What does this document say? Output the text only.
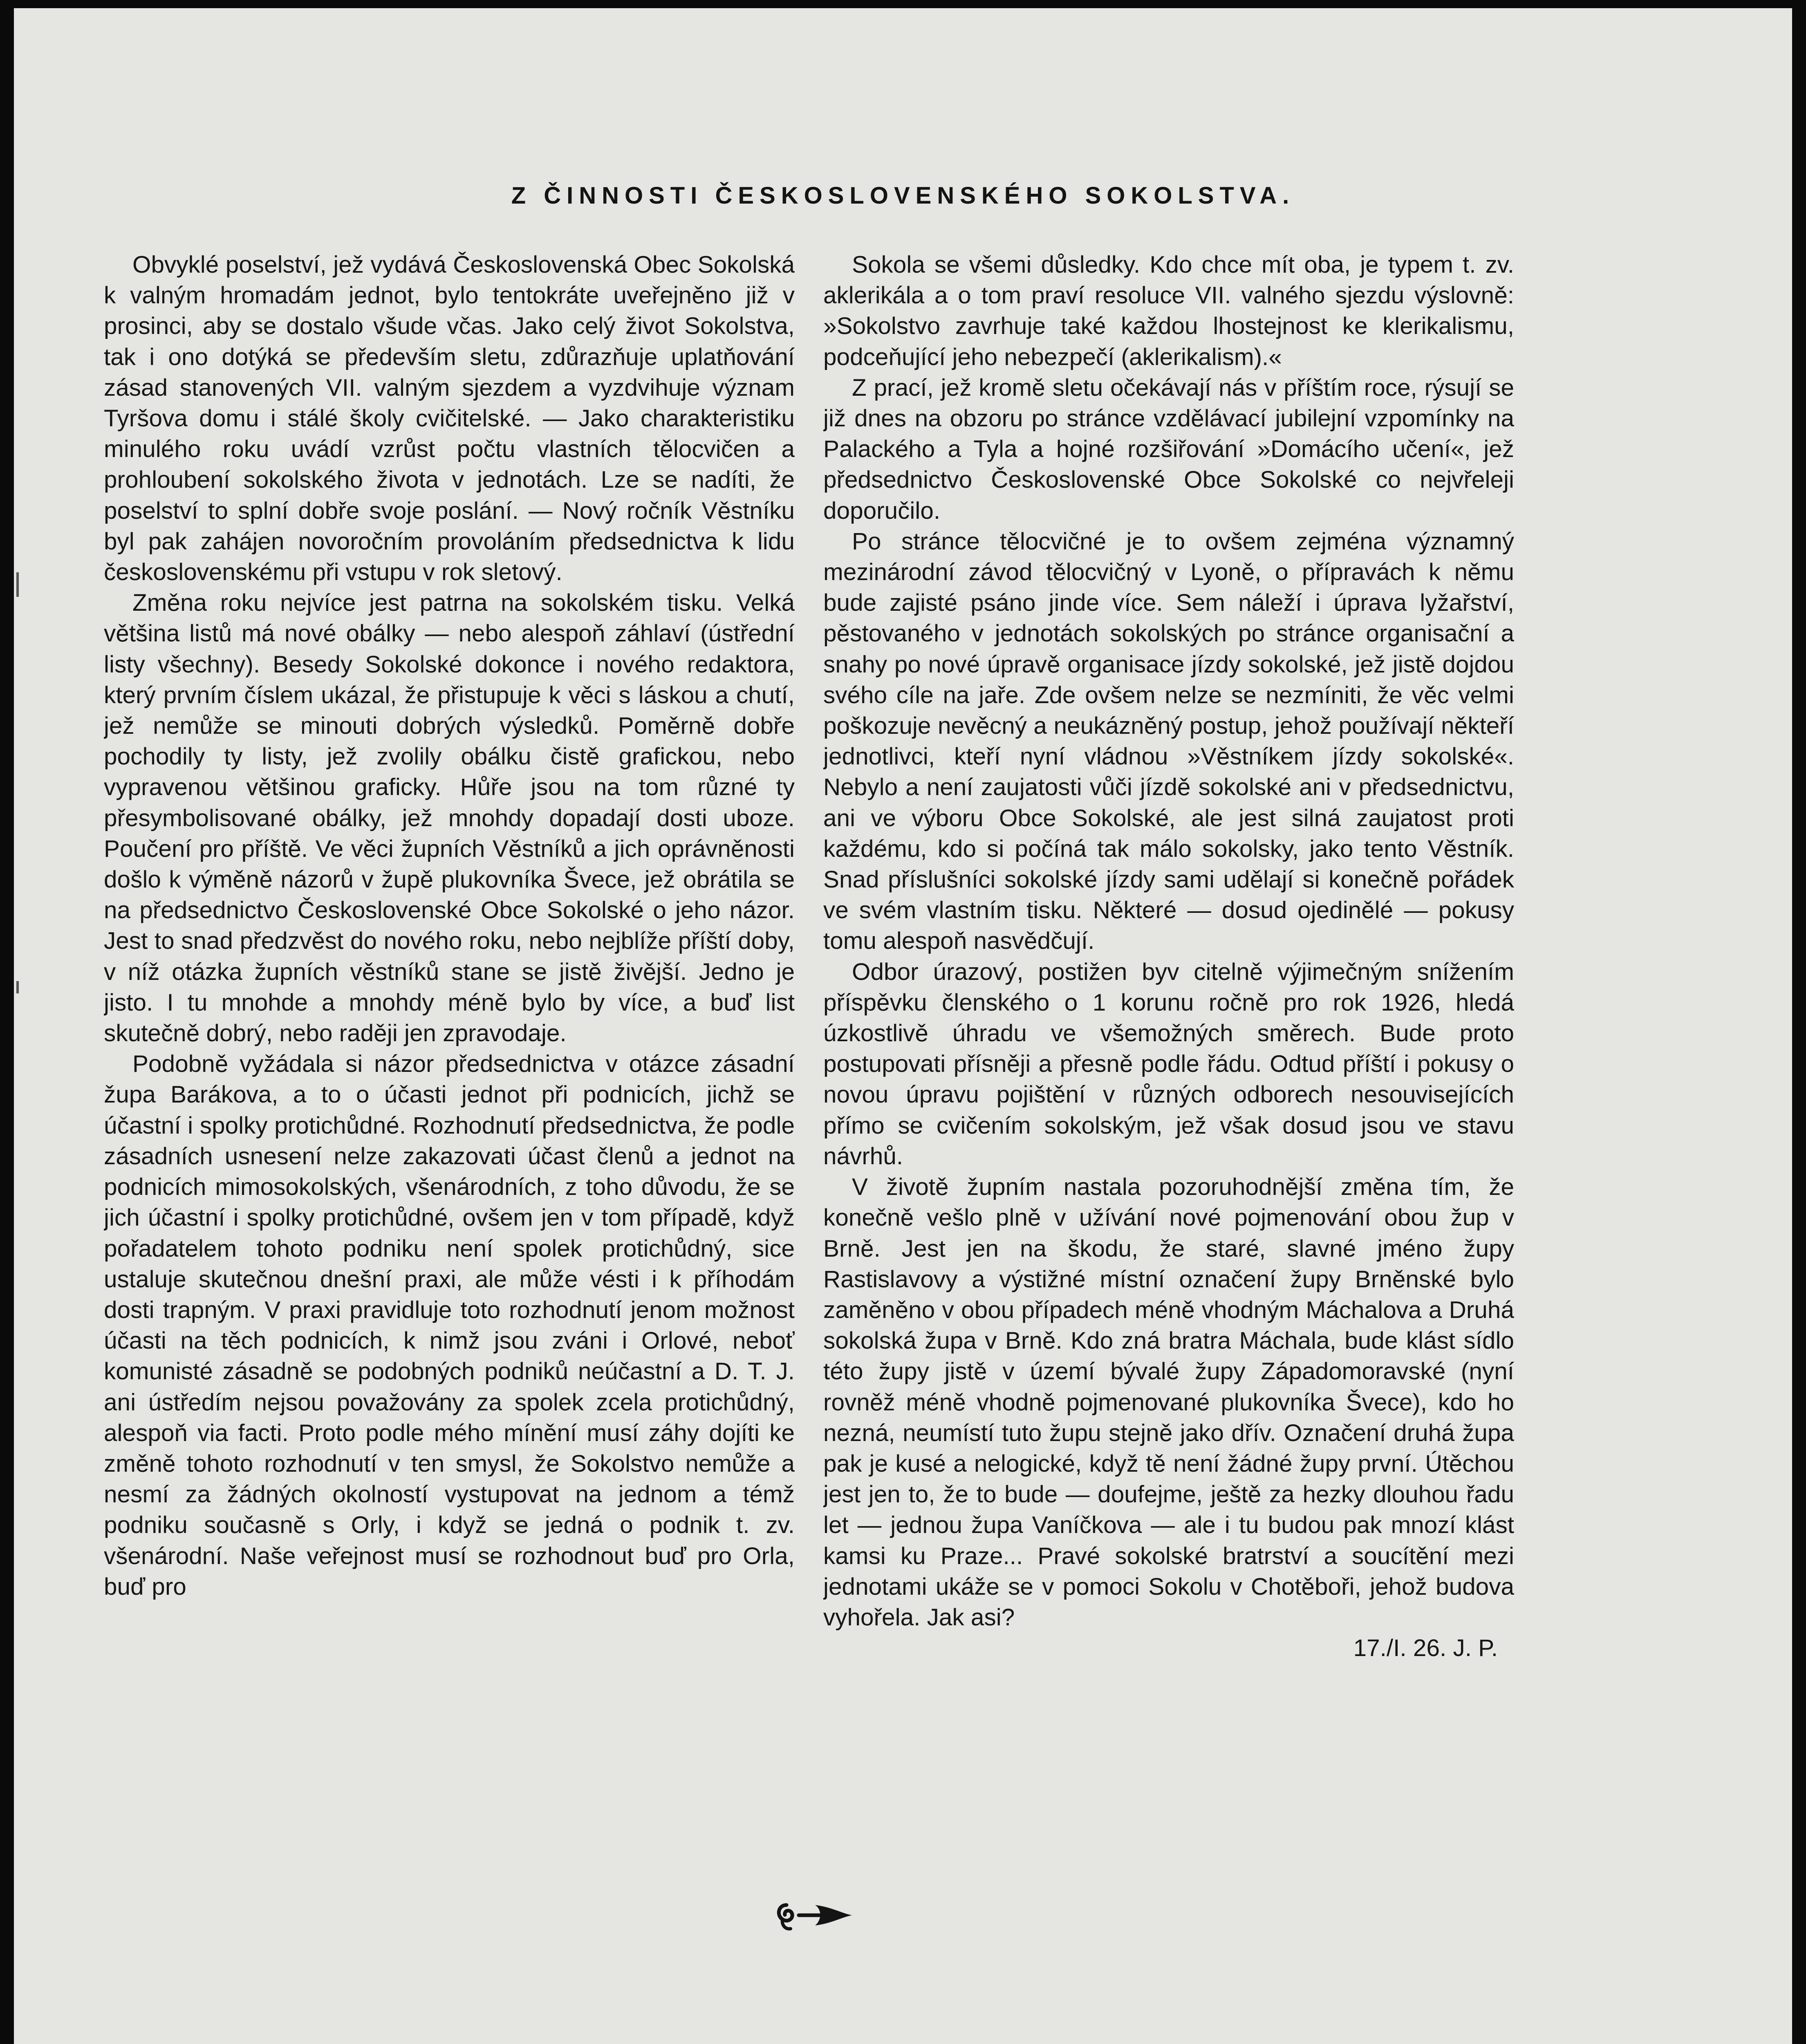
Z ČINNOSTI ČESKOSLOVENSKÉHO SOKOLSTVA.

Obvyklé poselství, jež vydává Československá Obec Sokolská k valným hromadám jednot, bylo tentokráte uveřejněno již v prosinci, aby se dostalo všude včas. Jako celý život Sokolstva, tak i ono dotýká se především sletu, zdůrazňuje uplatňování zásad stanovených VII. valným sjezdem a vyzdvihuje význam Tyršova domu i stálé školy cvičitelské. — Jako charakteristiku minulého roku uvádí vzrůst počtu vlastních tělocvičen a prohloubení sokolského života v jednotách. Lze se nadíti, že poselství to splní dobře svoje poslání. — Nový ročník Věstníku byl pak zahájen novoročním provoláním předsednictva k lidu československému při vstupu v rok sletový.

Změna roku nejvíce jest patrna na sokolském tisku. Velká většina listů má nové obálky — nebo alespoň záhlaví (ústřední listy všechny). Besedy Sokolské dokonce i nového redaktora, který prvním číslem ukázal, že přistupuje k věci s láskou a chutí, jež nemůže se minouti dobrých výsledků. Poměrně dobře pochodily ty listy, jež zvolily obálku čistě grafickou, nebo vypravenou většinou graficky. Hůře jsou na tom různé ty přesymbolisované obálky, jež mnohdy dopadají dosti uboze. Poučení pro příště. Ve věci župních Věstníků a jich oprávněnosti došlo k výměně názorů v župě plukovníka Švece, jež obrátila se na předsednictvo Československé Obce Sokolské o jeho názor. Jest to snad předzvěst do nového roku, nebo nejblíže příští doby, v níž otázka župních věstníků stane se jistě živější. Jedno je jisto. I tu mnohde a mnohdy méně bylo by více, a buď list skutečně dobrý, nebo raději jen zpravodaje.

Podobně vyžádala si názor předsednictva v otázce zásadní župa Barákova, a to o účasti jednot při podnicích, jichž se účastní i spolky protichůdné. Rozhodnutí předsednictva, že podle zásadních usnesení nelze zakazovati účast členů a jednot na podnicích mimosokolských, všenárodních, z toho důvodu, že se jich účastní i spolky protichůdné, ovšem jen v tom případě, když pořadatelem tohoto podniku není spolek protichůdný, sice ustaluje skutečnou dnešní praxi, ale může vésti i k příhodám dosti trapným. V praxi pravidluje toto rozhodnutí jenom možnost účasti na těch podnicích, k nimž jsou zváni i Orlové, neboť komunisté zásadně se podobných podniků neúčastní a D. T. J. ani ústředím nejsou považovány za spolek zcela protichůdný, alespoň via facti. Proto podle mého mínění musí záhy dojíti ke změně tohoto rozhodnutí v ten smysl, že Sokolstvo nemůže a nesmí za žádných okolností vystupovat na jednom a témž podniku současně s Orly, i když se jedná o podnik t. zv. všenárodní. Naše veřejnost musí se rozhodnout buď pro Orla, buď pro

Sokola se všemi důsledky. Kdo chce mít oba, je typem t. zv. aklerikála a o tom praví resoluce VII. valného sjezdu výslovně: »Sokolstvo zavrhuje také každou lhostejnost ke klerikalismu, podceňující jeho nebezpečí (aklerikalism).«

Z prací, jež kromě sletu očekávají nás v příštím roce, rýsují se již dnes na obzoru po stránce vzdělávací jubilejní vzpomínky na Palackého a Tyla a hojné rozšiřování »Domácího učení«, jež předsednictvo Československé Obce Sokolské co nejvřeleji doporučilo.

Po stránce tělocvičné je to ovšem zejména významný mezinárodní závod tělocvičný v Lyoně, o přípravách k němu bude zajisté psáno jinde více. Sem náleží i úprava lyžařství, pěstovaného v jednotách sokolských po stránce organisační a snahy po nové úpravě organisace jízdy sokolské, jež jistě dojdou svého cíle na jaře. Zde ovšem nelze se nezmíniti, že věc velmi poškozuje nevěcný a neukázněný postup, jehož používají někteří jednotlivci, kteří nyní vládnou »Věstníkem jízdy sokolské«. Nebylo a není zaujatosti vůči jízdě sokolské ani v předsednictvu, ani ve výboru Obce Sokolské, ale jest silná zaujatost proti každému, kdo si počíná tak málo sokolsky, jako tento Věstník. Snad příslušníci sokolské jízdy sami udělají si konečně pořádek ve svém vlastním tisku. Některé — dosud ojedinělé — pokusy tomu alespoň nasvědčují.

Odbor úrazový, postižen byv citelně výjimečným snížením příspěvku členského o 1 korunu ročně pro rok 1926, hledá úzkostlivě úhradu ve všemožných směrech. Bude proto postupovati přísněji a přesně podle řádu. Odtud příští i pokusy o novou úpravu pojištění v různých odborech nesouvisejících přímo se cvičením sokolským, jež však dosud jsou ve stavu návrhů.

V životě župním nastala pozoruhodnější změna tím, že konečně vešlo plně v užívání nové pojmenování obou žup v Brně. Jest jen na škodu, že staré, slavné jméno župy Rastislavovy a výstižné místní označení župy Brněnské bylo zaměněno v obou případech méně vhodným Máchalova a Druhá sokolská župa v Brně. Kdo zná bratra Máchala, bude klást sídlo této župy jistě v území bývalé župy Západomoravské (nyní rovněž méně vhodně pojmenované plukovníka Švece), kdo ho nezná, neumístí tuto župu stejně jako dřív. Označení druhá župa pak je kusé a nelogické, když tě není žádné župy první. Útěchou jest jen to, že to bude — doufejme, ještě za hezky dlouhou řadu let — jednou župa Vaníčkova — ale i tu budou pak mnozí klást kamsi ku Praze... Pravé sokolské bratrství a soucítění mezi jednotami ukáže se v pomoci Sokolu v Chotěboři, jehož budova vyhořela. Jak asi?

17./I. 26. J. P.
